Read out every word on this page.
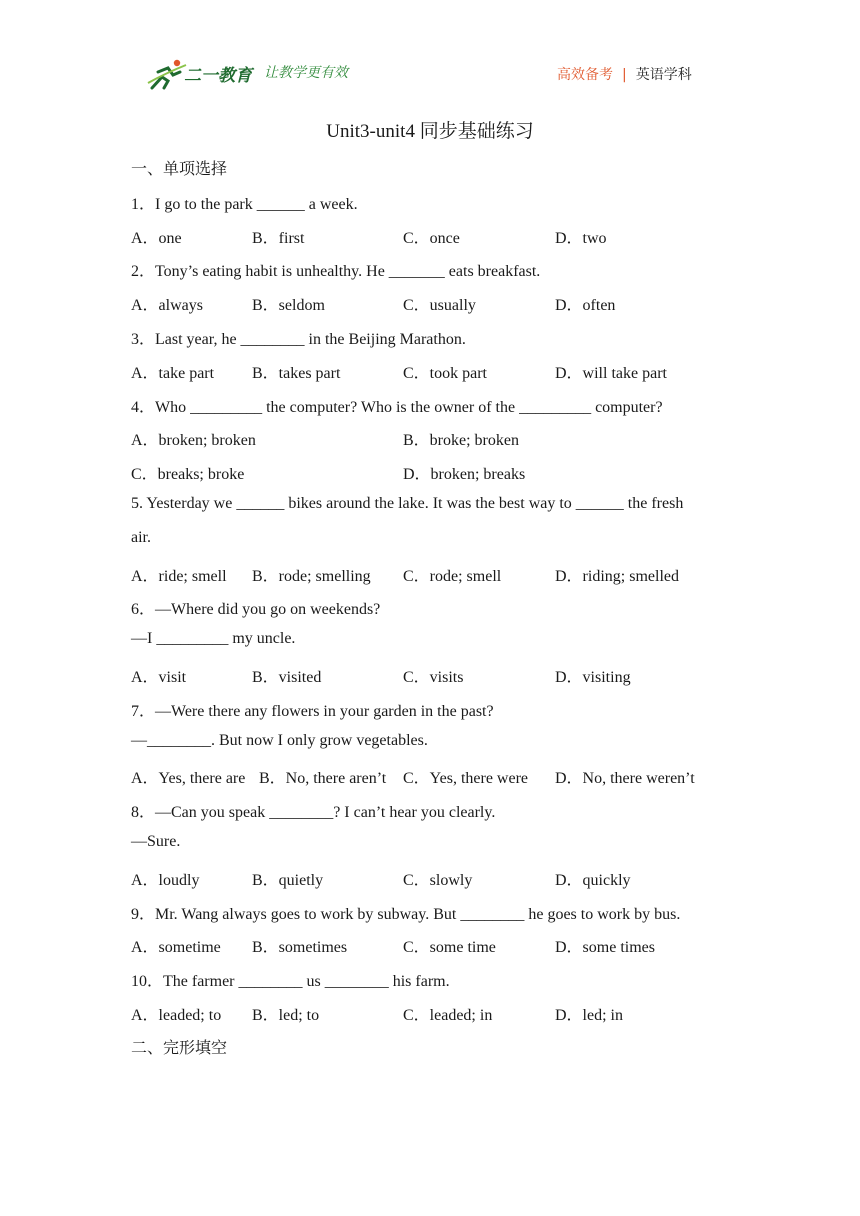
二一教育 让教学更有效	高效备考 | 英语学科
Unit3-unit4 同步基础练习
一、单项选择
1．I go to the park ______ a week.
A．one	B．first	C．once	D．two
2．Tony’s eating habit is unhealthy. He _______ eats breakfast.
A．always	B．seldom	C．usually	D．often
3．Last year, he ________ in the Beijing Marathon.
A．take part B．takes part	C．took part	D．will take part
4．Who _________ the computer? Who is the owner of the _________ computer?
A．broken; broken	B．broke; broken
C．breaks; broke	D．broken; breaks
5. Yesterday we ______ bikes around the lake. It was the best way to ______ the fresh
air.
A．ride; smell B．rode; smelling C．rode; smell	D．riding; smelled
6．—Where did you go on weekends?
—I _________ my uncle.
A．visit	B．visited	C．visits	D．visiting
7．—Were there any flowers in your garden in the past?
—________. But now I only grow vegetables.
A．Yes, there are B．No, there aren’t C．Yes, there were D．No, there weren’t
8．—Can you speak ________? I can’t hear you clearly.
—Sure.
A．loudly	B．quietly	C．slowly	D．quickly
9．Mr. Wang always goes to work by subway. But ________ he goes to work by bus.
A．sometime B．sometimes	C．some time	D．some times
10．The farmer ________ us ________ his farm.
A．leaded; to B．led; to	C．leaded; in	D．led; in
二、完形填空
